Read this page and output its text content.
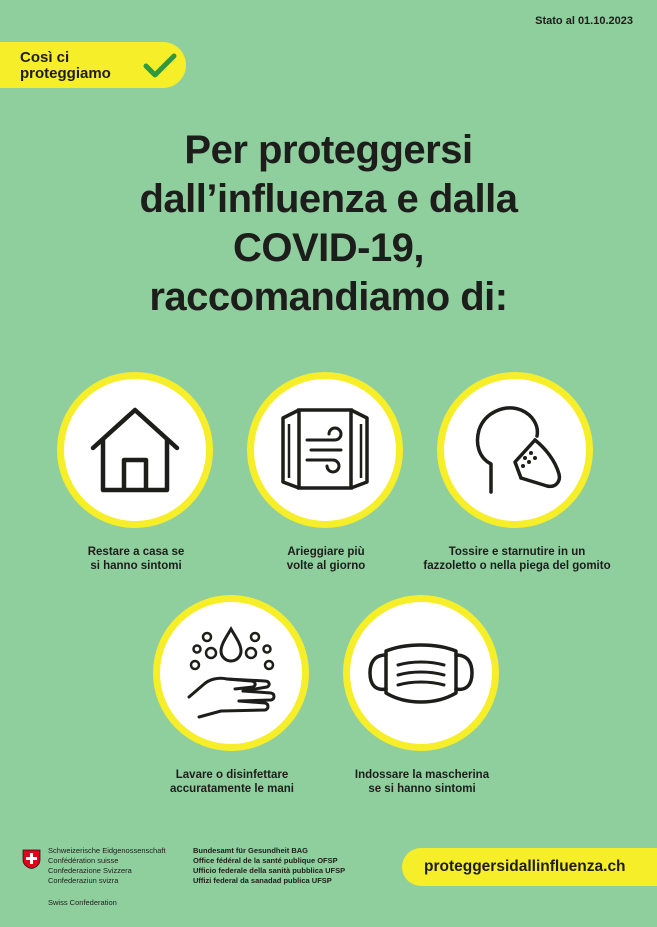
Stato al 01.10.2023
Così ci
proteggiamo
Per proteggersi
dall’influenza e dalla
COVID-19,
raccomandiamo di:
Restare a casa se
si hanno sintomi
Arieggiare più
volte al giorno
Tossire e starnutire in un
fazzoletto o nella piega del gomito
Lavare o disinfettare
accuratamente le mani
Indossare la mascherina
se si hanno sintomi
Schweizerische Eidgenossenschaft
Confédération suisse
Confederazione Svizzera
Confederaziun svizra
Swiss Confederation
Bundesamt für Gesundheit BAG
Office fédéral de la santé publique OFSP
Ufficio federale della sanità pubblica UFSP
Uffizi federal da sanadad publica UFSP
proteggersidallinfluenza.ch
